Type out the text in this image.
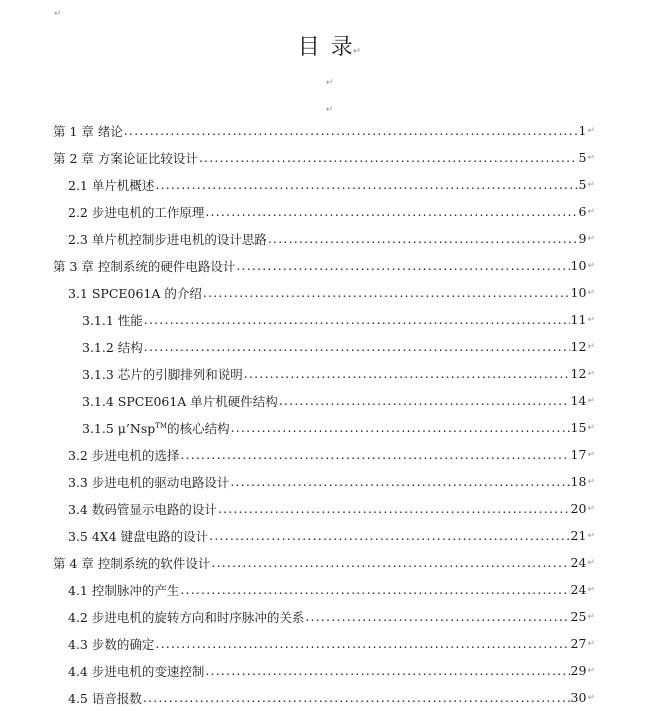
↵
目 录↵
↵
↵
第 1 章 绪论 .....	1 ↵
第 2 章 方案论证比较设计 .....	5 ↵
2.1 单片机概述 .....	5 ↵
2.2 步进电机的工作原理 .....	6 ↵
2.3 单片机控制步进电机的设计思路 .....	9 ↵
第 3 章 控制系统的硬件电路设计 .....	10 ↵
3.1 SPCE061A 的介绍 .....	10 ↵
3.1.1 性能 .....	11 ↵
3.1.2 结构 .....	12 ↵
3.1.3 芯片的引脚排列和说明 .....	12 ↵
3.1.4 SPCE061A 单片机硬件结构 .....	14 ↵
3.1.5 μ’Nsp™的核心结构 .....	15 ↵
3.2 步进电机的选择 .....	17 ↵
3.3 步进电机的驱动电路设计 .....	18 ↵
3.4 数码管显示电路的设计 .....	20 ↵
3.5 4X4 键盘电路的设计 .....	21 ↵
第 4 章 控制系统的软件设计 .....	24 ↵
4.1 控制脉冲的产生 .....	24 ↵
4.2 步进电机的旋转方向和时序脉冲的关系 .....	25 ↵
4.3 步数的确定 .....	27 ↵
4.4 步进电机的变速控制 .....	29 ↵
4.5 语音报数 .....	30 ↵
